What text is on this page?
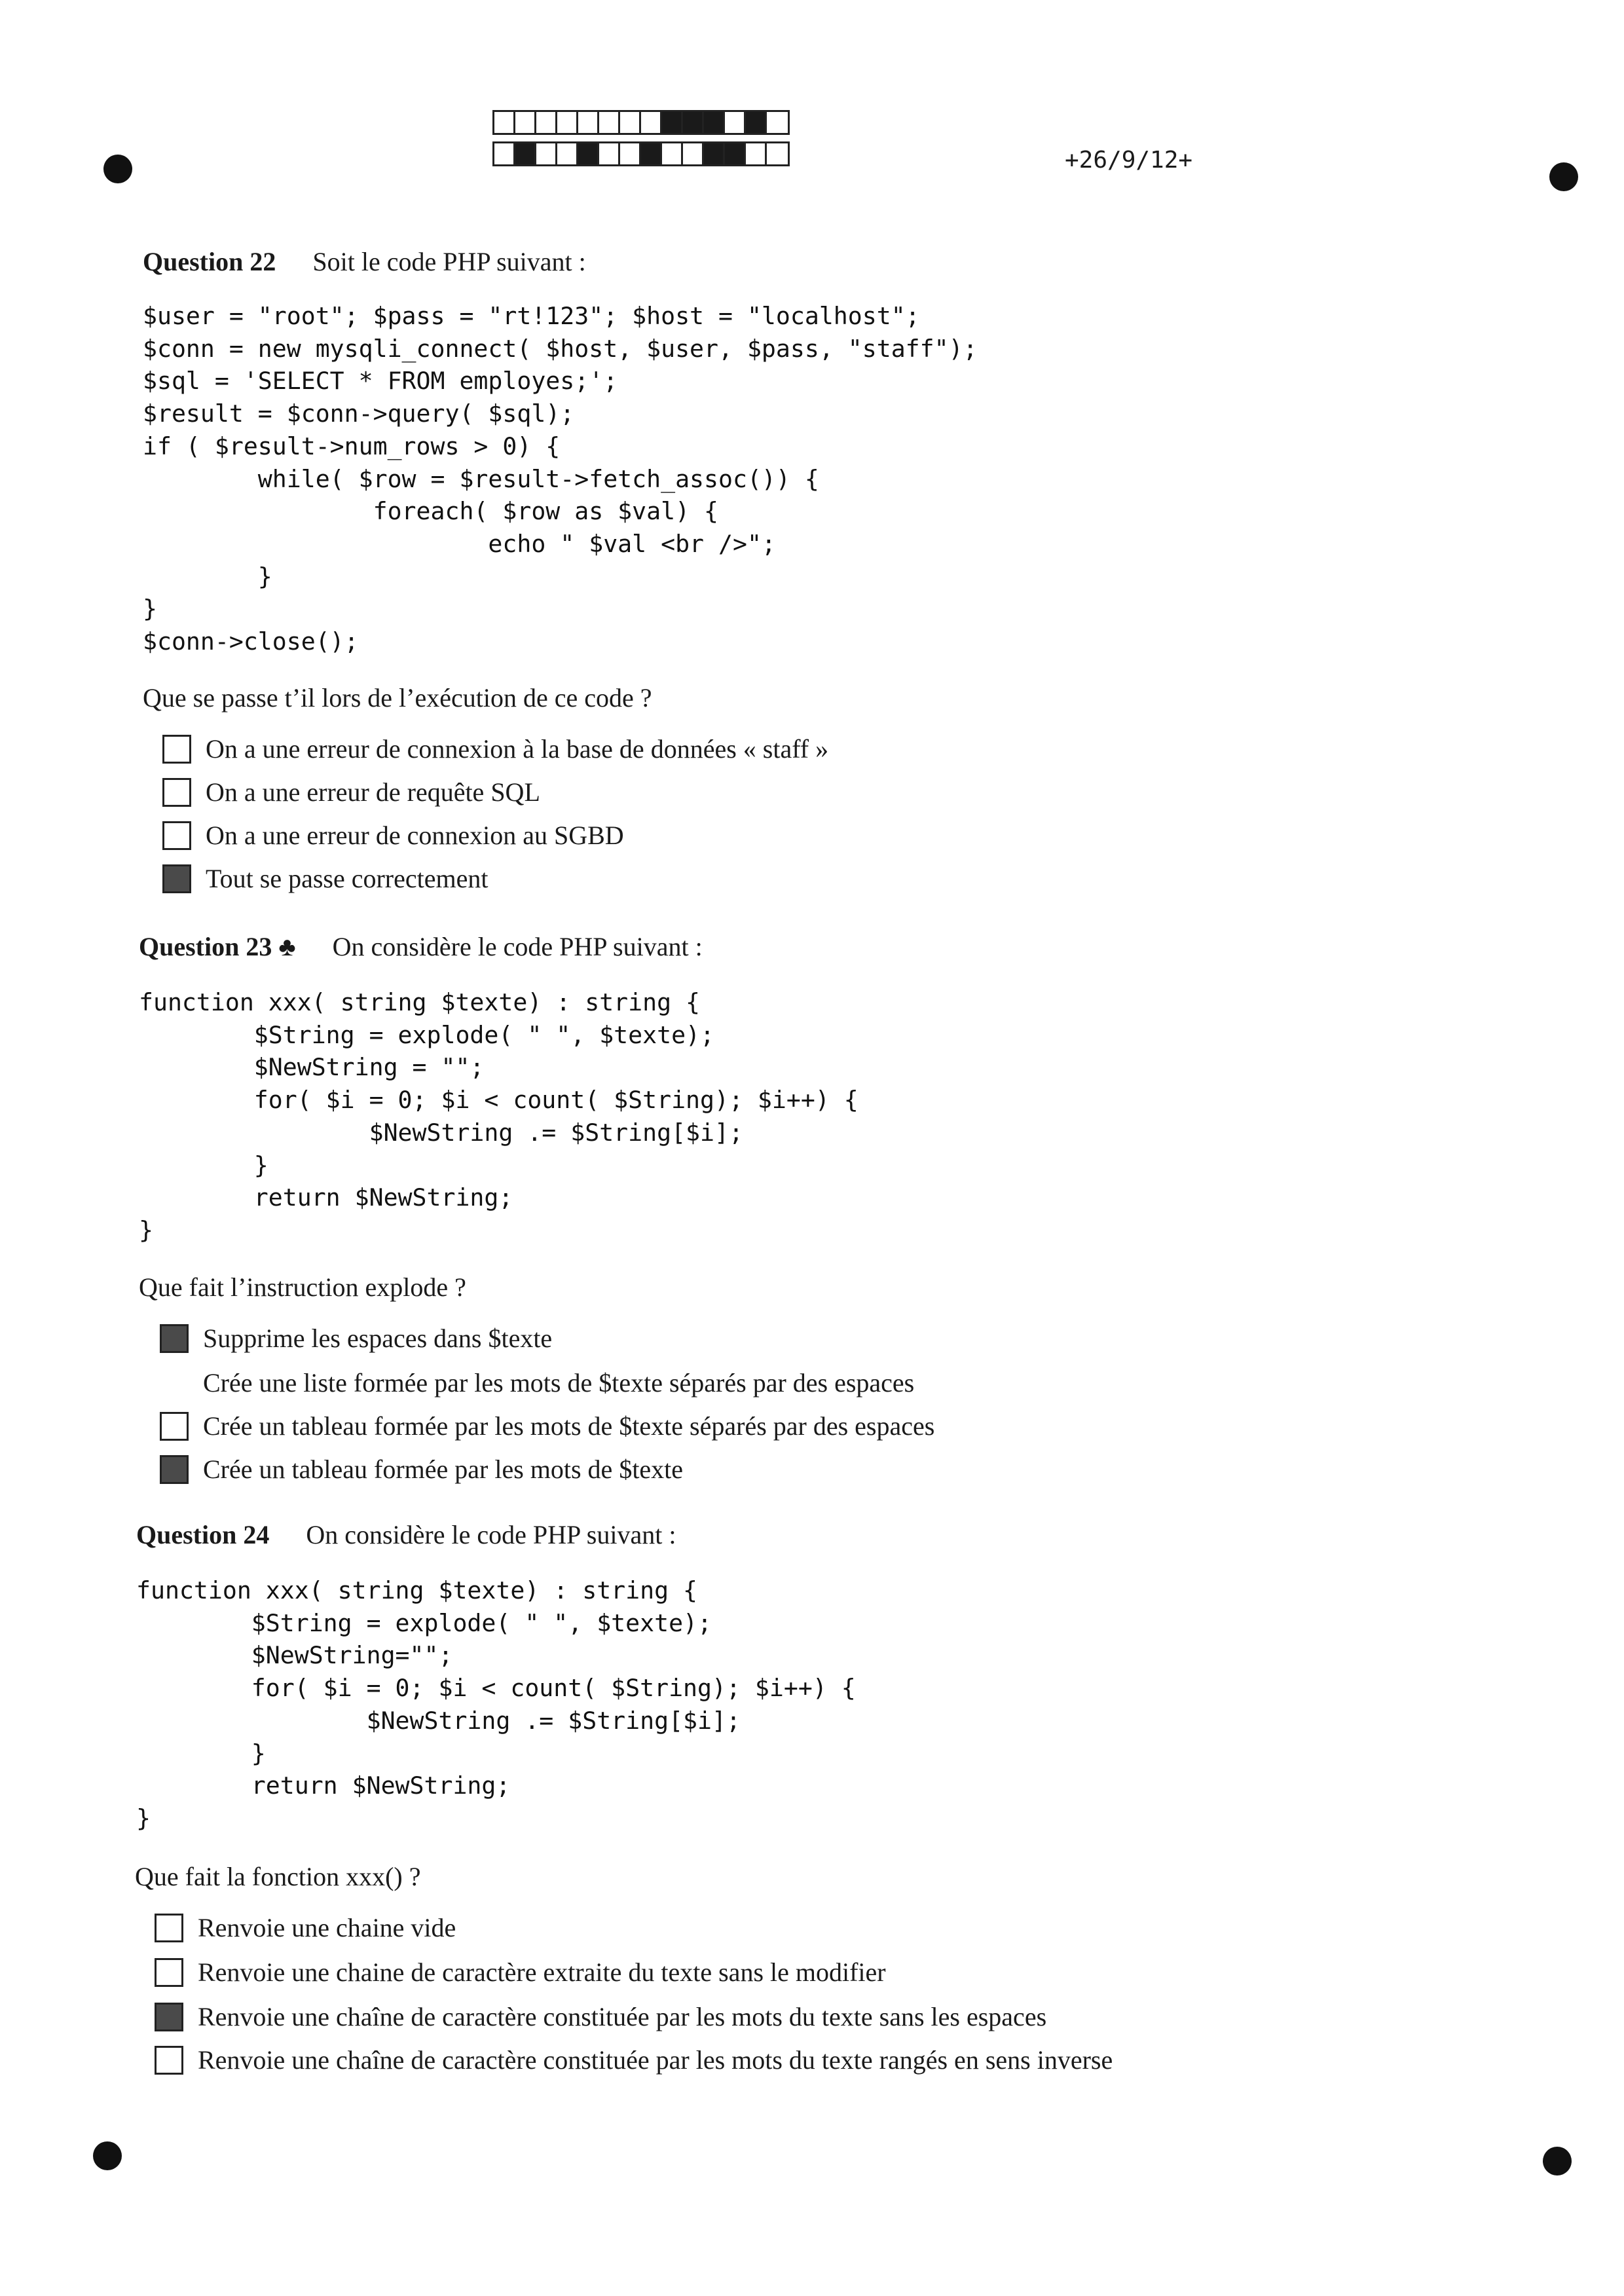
+26/9/12+
Question 22 Soit le code PHP suivant :
$user = "root"; $pass = "rt!123"; $host = "localhost";
$conn = new mysqli_connect( $host, $user, $pass, "staff");
$sql = 'SELECT * FROM employes;';
$result = $conn->query( $sql);
if ( $result->num_rows > 0) {
while( $row = $result->fetch_assoc()) {
foreach( $row as $val) {
echo " $val <br />";
}
}
$conn->close();
Que se passe t’il lors de l’exécution de ce code ?
On a une erreur de connexion à la base de données « staff »
On a une erreur de requête SQL
On a une erreur de connexion au SGBD
Tout se passe correctement
Question 23 ♣ On considère le code PHP suivant :
function xxx( string $texte) : string {
$String = explode( " ", $texte);
$NewString = "";
for( $i = 0; $i < count( $String); $i++) {
$NewString .= $String[$i];
}
return $NewString;
}
Que fait l’instruction explode ?
Supprime les espaces dans $texte
Crée une liste formée par les mots de $texte séparés par des espaces
Crée un tableau formée par les mots de $texte séparés par des espaces
Crée un tableau formée par les mots de $texte
Question 24 On considère le code PHP suivant :
function xxx( string $texte) : string {
$String = explode( " ", $texte);
$NewString="";
for( $i = 0; $i < count( $String); $i++) {
$NewString .= $String[$i];
}
return $NewString;
}
Que fait la fonction xxx() ?
Renvoie une chaine vide
Renvoie une chaine de caractère extraite du texte sans le modifier
Renvoie une chaîne de caractère constituée par les mots du texte sans les espaces
Renvoie une chaîne de caractère constituée par les mots du texte rangés en sens inverse
